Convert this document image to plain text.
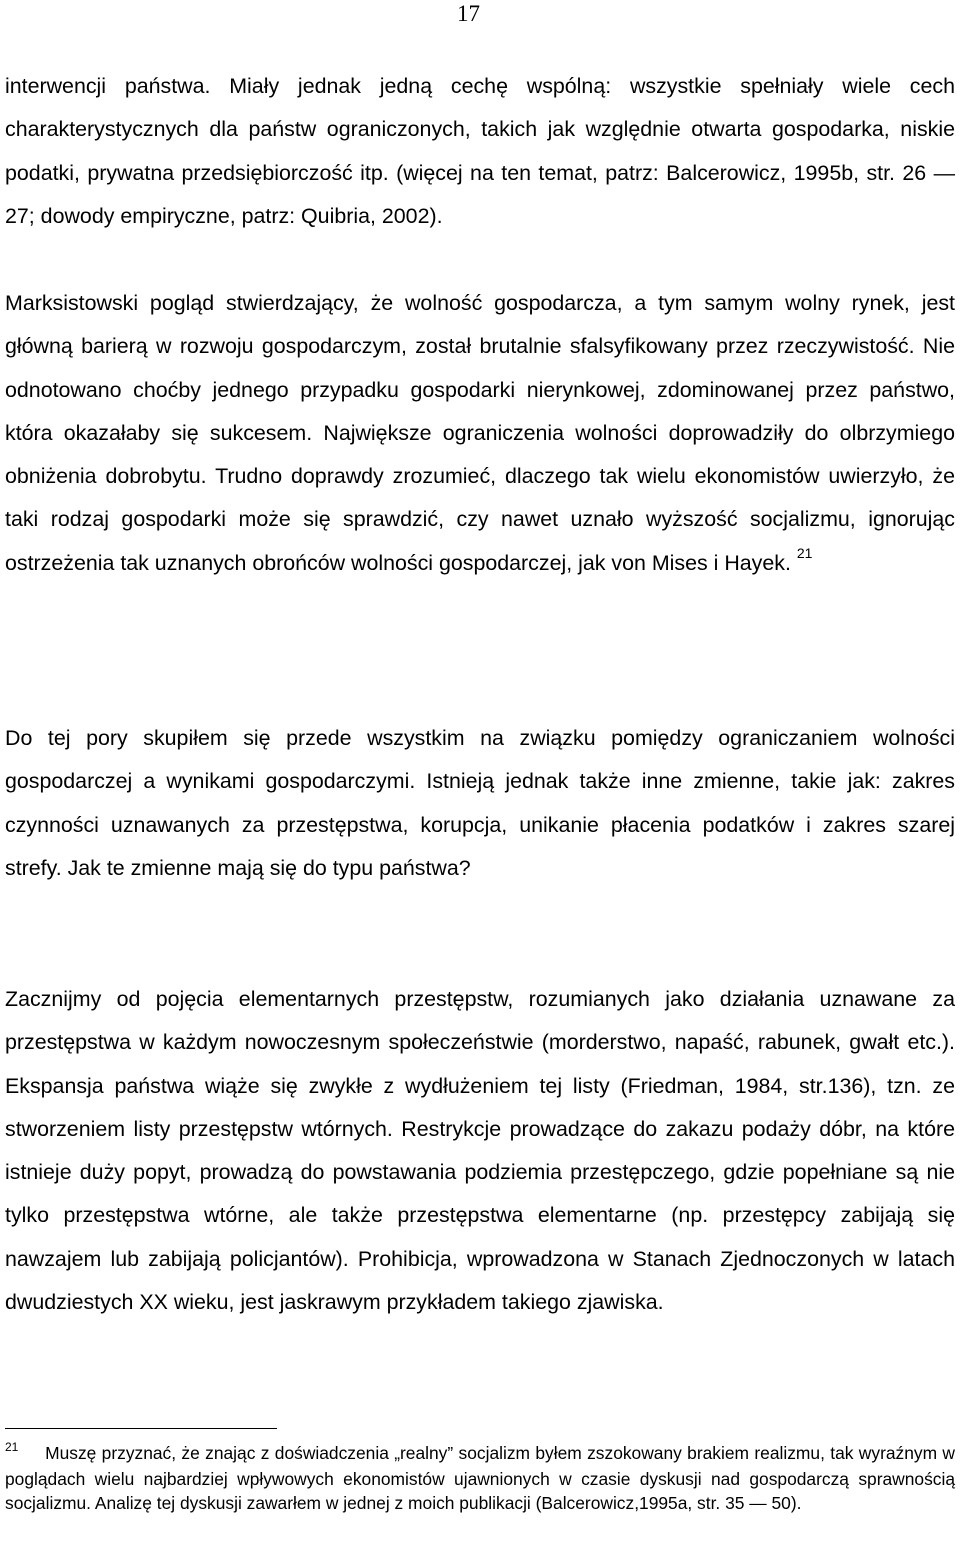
17

interwencji państwa. Miały jednak jedną cechę wspólną: wszystkie spełniały wiele cech charakterystycznych dla państw ograniczonych, takich jak względnie otwarta gospodarka, niskie podatki, prywatna przedsiębiorczość itp. (więcej na ten temat, patrz: Balcerowicz, 1995b, str. 26 — 27; dowody empiryczne, patrz: Quibria, 2002).

Marksistowski pogląd stwierdzający, że wolność gospodarcza, a tym samym wolny rynek, jest główną barierą w rozwoju gospodarczym, został brutalnie sfalsyfikowany przez rzeczywistość. Nie odnotowano choćby jednego przypadku gospodarki nierynkowej, zdominowanej przez państwo, która okazałaby się sukcesem. Największe ograniczenia wolności doprowadziły do olbrzymiego obniżenia dobrobytu. Trudno doprawdy zrozumieć, dlaczego tak wielu ekonomistów uwierzyło, że taki rodzaj gospodarki może się sprawdzić, czy nawet uznało wyższość socjalizmu, ignorując ostrzeżenia tak uznanych obrońców wolności gospodarczej, jak von Mises i Hayek. $^{21}$

Do tej pory skupiłem się przede wszystkim na związku pomiędzy ograniczaniem wolności gospodarczej a wynikami gospodarczymi. Istnieją jednak także inne zmienne, takie jak: zakres czynności uznawanych za przestępstwa, korupcja, unikanie płacenia podatków i zakres szarej strefy. Jak te zmienne mają się do typu państwa?

Zacznijmy od pojęcia elementarnych przestępstw, rozumianych jako działania uznawane za przestępstwa w każdym nowoczesnym społeczeństwie (morderstwo, napaść, rabunek, gwałt etc.). Ekspansja państwa wiąże się zwykłe z wydłużeniem tej listy (Friedman, 1984, str.136), tzn. ze stworzeniem listy przestępstw wtórnych. Restrykcje prowadzące do zakazu podaży dóbr, na które istnieje duży popyt, prowadzą do powstawania podziemia przestępczego, gdzie popełniane są nie tylko przestępstwa wtórne, ale także przestępstwa elementarne (np. przestępcy zabijają się nawzajem lub zabijają policjantów). Prohibicja, wprowadzona w Stanach Zjednoczonych w latach dwudziestych XX wieku, jest jaskrawym przykładem takiego zjawiska.

$^{21}$ Muszę przyznać, że znając z doświadczenia „realny” socjalizm byłem zszokowany brakiem realizmu, tak wyraźnym w poglądach wielu najbardziej wpływowych ekonomistów ujawnionych w czasie dyskusji nad gospodarczą sprawnością socjalizmu. Analizę tej dyskusji zawarłem w jednej z moich publikacji (Balcerowicz,1995a, str. 35 — 50).
